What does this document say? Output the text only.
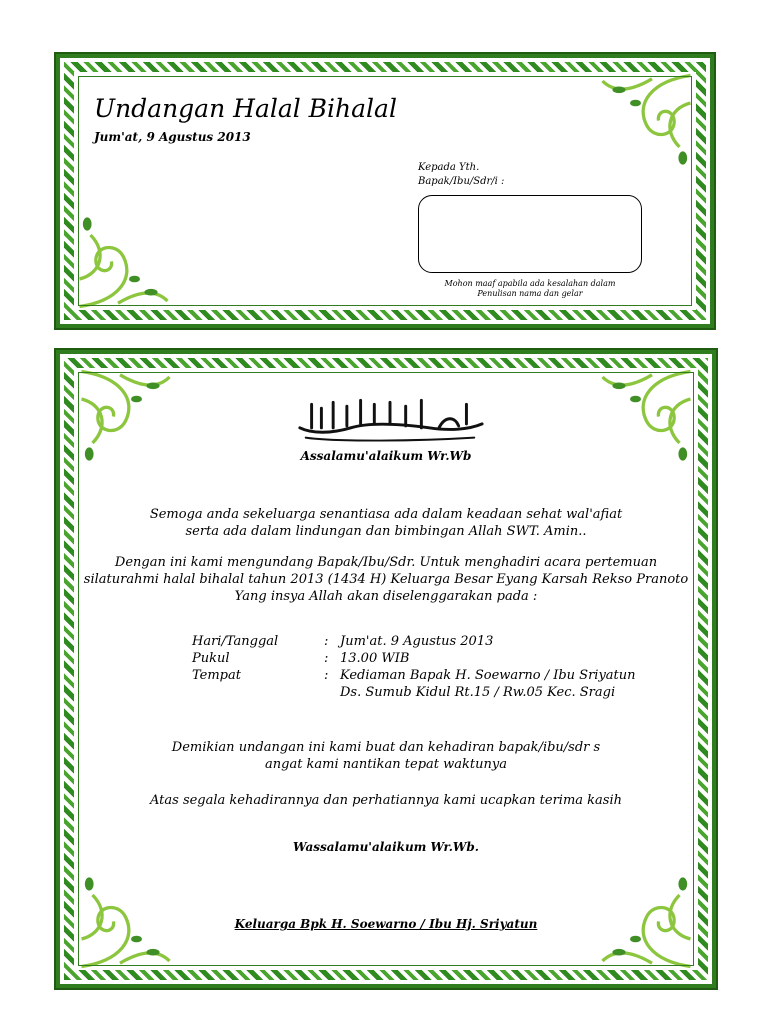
Undangan Halal Bihalal
Jum'at, 9 Agustus 2013
Kepada Yth.
Bapak/Ibu/Sdr/i :
Mohon maaf apabila ada kesalahan dalam
Penulisan nama dan gelar
Assalamu'alaikum Wr.Wb
Semoga anda sekeluarga senantiasa ada dalam keadaan sehat wal'afiat
serta ada dalam lindungan dan bimbingan Allah SWT. Amin..
Dengan ini kami mengundang Bapak/Ibu/Sdr. Untuk menghadiri acara pertemuan
silaturahmi halal bihalal tahun 2013 (1434 H) Keluarga Besar Eyang Karsah Rekso Pranoto
Yang insya Allah akan diselenggarakan pada :
Hari/Tanggal	: Jum'at. 9 Agustus 2013
Pukul	: 13.00 WIB
Tempat	: Kediaman Bapak H. Soewarno / Ibu Sriyatun
Ds. Sumub Kidul Rt.15 / Rw.05 Kec. Sragi
Demikian undangan ini kami buat dan kehadiran bapak/ibu/sdr s
angat kami nantikan tepat waktunya
Atas segala kehadirannya dan perhatiannya kami ucapkan terima kasih
Wassalamu'alaikum Wr.Wb.
Keluarga Bpk H. Soewarno / Ibu Hj. Sriyatun
